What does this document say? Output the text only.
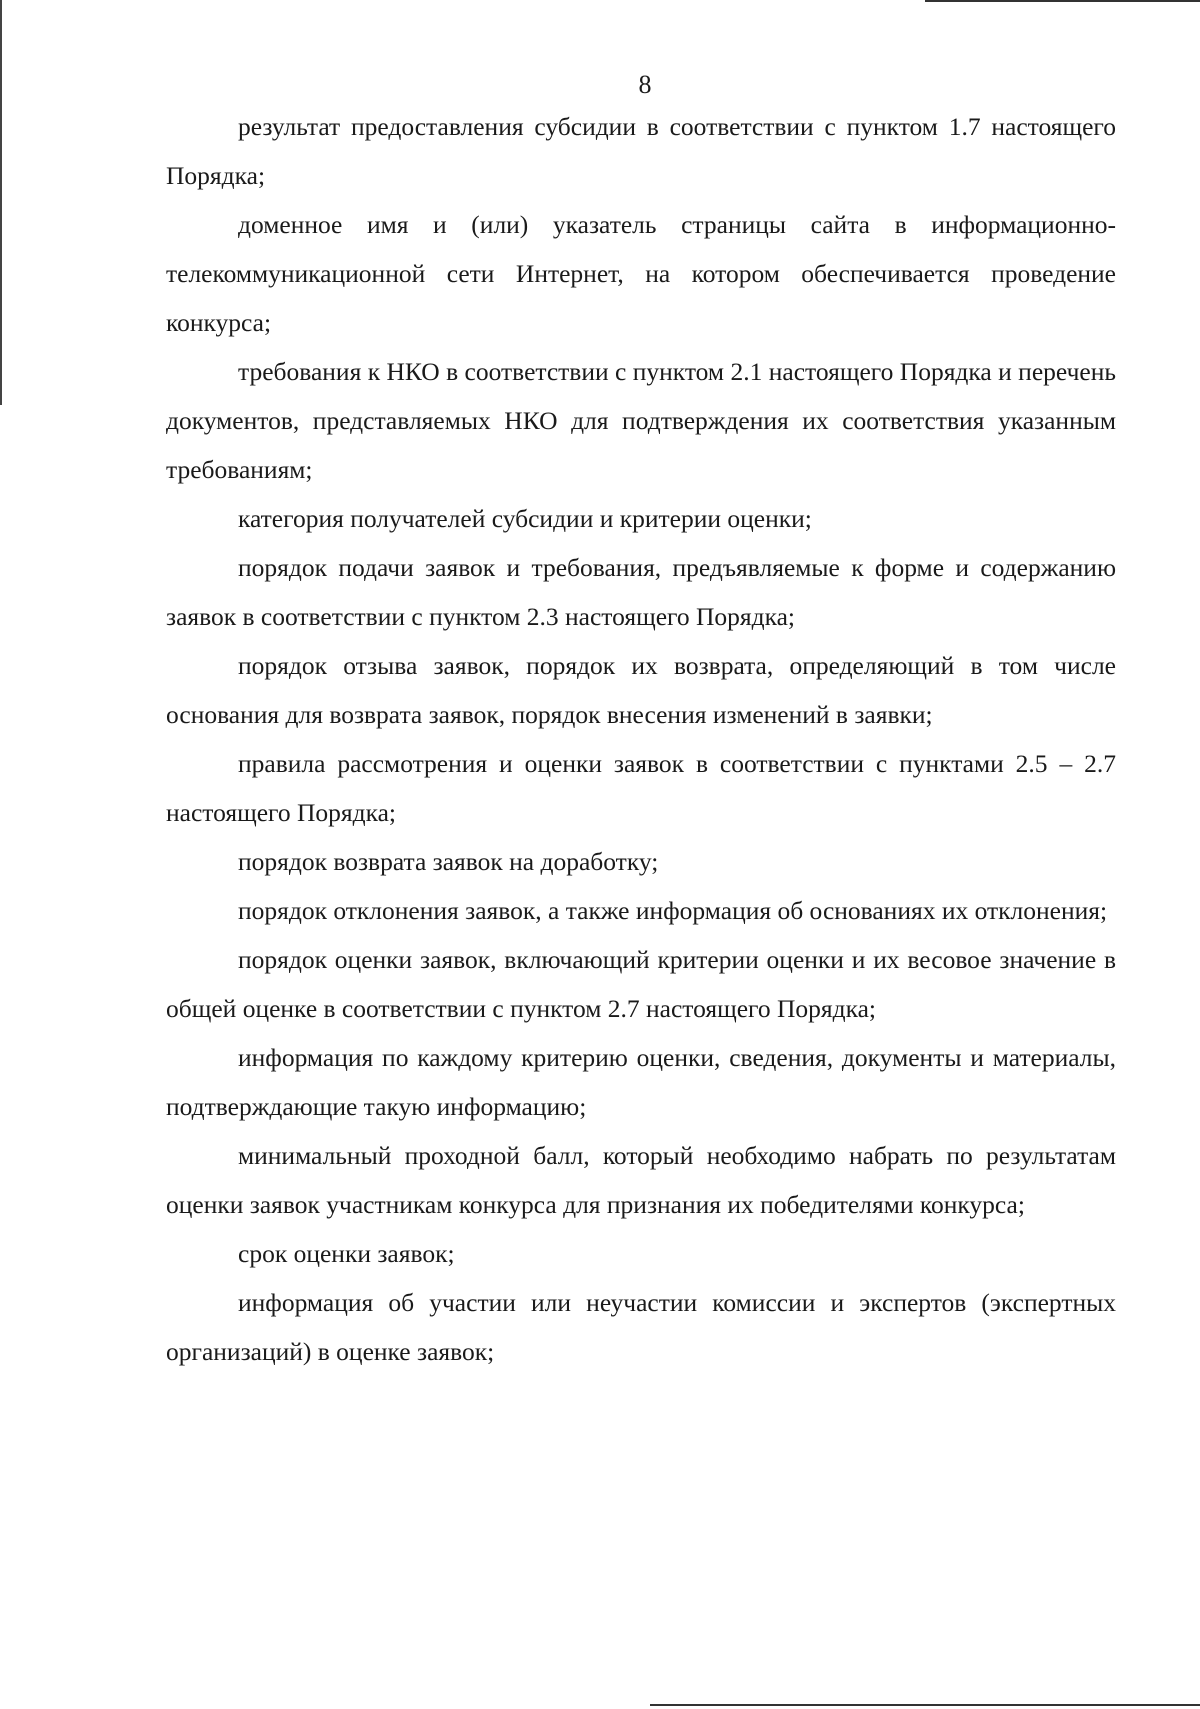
8

результат предоставления субсидии в соответствии с пунктом 1.7 настоящего Порядка;

доменное имя и (или) указатель страницы сайта в информационно-телекоммуникационной сети Интернет, на котором обеспечивается проведение конкурса;

требования к НКО в соответствии с пунктом 2.1 настоящего Порядка и перечень документов, представляемых НКО для подтверждения их соответствия указанным требованиям;

категория получателей субсидии и критерии оценки;

порядок подачи заявок и требования, предъявляемые к форме и содержанию заявок в соответствии с пунктом 2.3 настоящего Порядка;

порядок отзыва заявок, порядок их возврата, определяющий в том числе основания для возврата заявок, порядок внесения изменений в заявки;

правила рассмотрения и оценки заявок в соответствии с пунктами 2.5 – 2.7 настоящего Порядка;

порядок возврата заявок на доработку;

порядок отклонения заявок, а также информация об основаниях их отклонения;

порядок оценки заявок, включающий критерии оценки и их весовое значение в общей оценке в соответствии с пунктом 2.7 настоящего Порядка;

информация по каждому критерию оценки, сведения, документы и материалы, подтверждающие такую информацию;

минимальный проходной балл, который необходимо набрать по результатам оценки заявок участникам конкурса для признания их победителями конкурса;

срок оценки заявок;

информация об участии или неучастии комиссии и экспертов (экспертных организаций) в оценке заявок;
